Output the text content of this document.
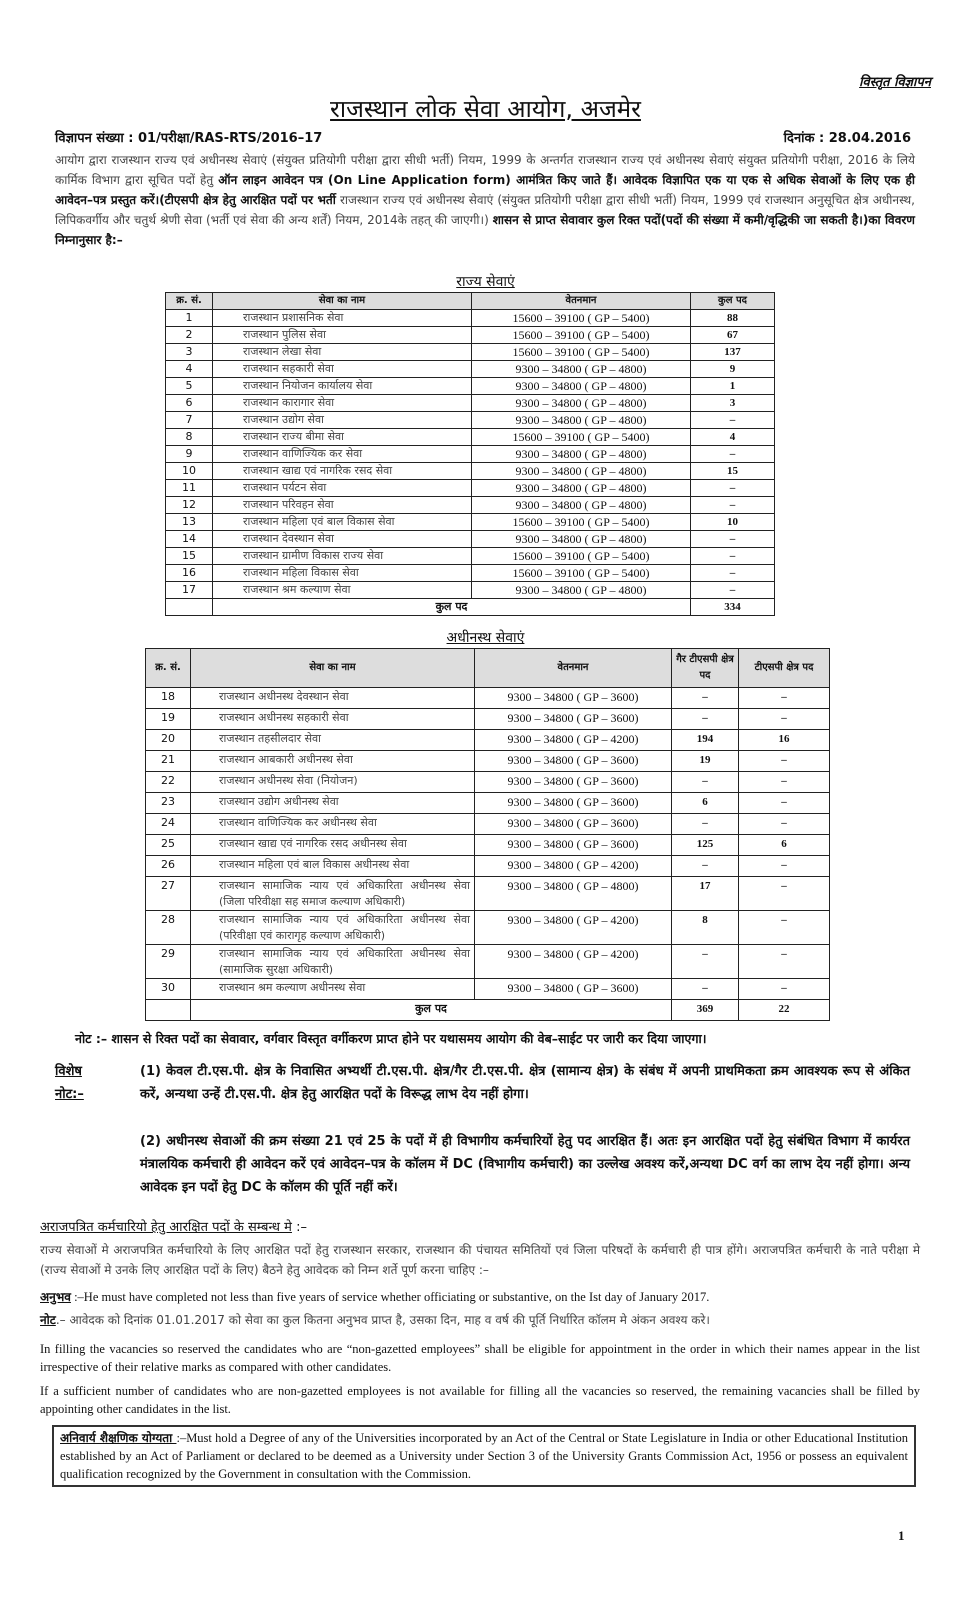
विस्तृत विज्ञापन
राजस्थान लोक सेवा आयोग, अजमेर
विज्ञापन संख्या : 01/परीक्षा/RAS-RTS/2016–17	दिनांक : 28.04.2016
आयोग द्वारा राजस्थान राज्य एवं अधीनस्थ सेवाएं (संयुक्त प्रतियोगी परीक्षा द्वारा सीधी भर्ती) नियम, 1999 के अन्तर्गत राजस्थान राज्य एवं अधीनस्थ सेवाएं संयुक्त प्रतियोगी परीक्षा, 2016 के लिये कार्मिक विभाग द्वारा सूचित पदों हेतु ऑन लाइन आवेदन पत्र (On Line Application form) आमंत्रित किए जाते हैं। आवेदक विज्ञापित एक या एक से अधिक सेवाओं के लिए एक ही आवेदन–पत्र प्रस्तुत करें।(टीएसपी क्षेत्र हेतु आरक्षित पदों पर भर्ती राजस्थान राज्य एवं अधीनस्थ सेवाएं (संयुक्त प्रतियोगी परीक्षा द्वारा सीधी भर्ती) नियम, 1999 एवं राजस्थान अनुसूचित क्षेत्र अधीनस्थ, लिपिकवर्गीय और चतुर्थ श्रेणी सेवा (भर्ती एवं सेवा की अन्य शर्तें) नियम, 2014के तहत् की जाएगी।) शासन से प्राप्त सेवावार कुल रिक्त पदों(पदों की संख्या में कमी/वृद्धिकी जा सकती है।)का विवरण निम्नानुसार है:–
राज्य सेवाएं
क्र. सं.	सेवा का नाम	वेतनमान	कुल पद
1	राजस्थान प्रशासनिक सेवा	15600 – 39100 ( GP – 5400)	88
2	राजस्थान पुलिस सेवा	15600 – 39100 ( GP – 5400)	67
3	राजस्थान लेखा सेवा	15600 – 39100 ( GP – 5400)	137
4	राजस्थान सहकारी सेवा	9300 – 34800 ( GP – 4800)	9
5	राजस्थान नियोजन कार्यालय सेवा	9300 – 34800 ( GP – 4800)	1
6	राजस्थान कारागार सेवा	9300 – 34800 ( GP – 4800)	3
7	राजस्थान उद्योग सेवा	9300 – 34800 ( GP – 4800)	–
8	राजस्थान राज्य बीमा सेवा	15600 – 39100 ( GP – 5400)	4
9	राजस्थान वाणिज्यिक कर सेवा	9300 – 34800 ( GP – 4800)	–
10	राजस्थान खाद्य एवं नागरिक रसद सेवा	9300 – 34800 ( GP – 4800)	15
11	राजस्थान पर्यटन सेवा	9300 – 34800 ( GP – 4800)	–
12	राजस्थान परिवहन सेवा	9300 – 34800 ( GP – 4800)	–
13	राजस्थान महिला एवं बाल विकास सेवा	15600 – 39100 ( GP – 5400)	10
14	राजस्थान देवस्थान सेवा	9300 – 34800 ( GP – 4800)	–
15	राजस्थान ग्रामीण विकास राज्य सेवा	15600 – 39100 ( GP – 5400)	–
16	राजस्थान महिला विकास सेवा	15600 – 39100 ( GP – 5400)	–
17	राजस्थान श्रम कल्याण सेवा	9300 – 34800 ( GP – 4800)	–
	कुल पद		334
अधीनस्थ सेवाएं
क्र. सं.	सेवा का नाम	वेतनमान	गैर टीएसपी क्षेत्र पद	टीएसपी क्षेत्र पद
18	राजस्थान अधीनस्थ देवस्थान सेवा	9300 – 34800 ( GP – 3600)	–	–
19	राजस्थान अधीनस्थ सहकारी सेवा	9300 – 34800 ( GP – 3600)	–	–
20	राजस्थान तहसीलदार सेवा	9300 – 34800 ( GP – 4200)	194	16
21	राजस्थान आबकारी अधीनस्थ सेवा	9300 – 34800 ( GP – 3600)	19	–
22	राजस्थान अधीनस्थ सेवा (नियोजन)	9300 – 34800 ( GP – 3600)	–	–
23	राजस्थान उद्योग अधीनस्थ सेवा	9300 – 34800 ( GP – 3600)	6	–
24	राजस्थान वाणिज्यिक कर अधीनस्थ सेवा	9300 – 34800 ( GP – 3600)	–	–
25	राजस्थान खाद्य एवं नागरिक रसद अधीनस्थ सेवा	9300 – 34800 ( GP – 3600)	125	6
26	राजस्थान महिला एवं बाल विकास अधीनस्थ सेवा	9300 – 34800 ( GP – 4200)	–	–
27	राजस्थान सामाजिक न्याय एवं अधिकारिता अधीनस्थ सेवा (जिला परिवीक्षा सह समाज कल्याण अधिकारी)	9300 – 34800 ( GP – 4800)	17	–
28	राजस्थान सामाजिक न्याय एवं अधिकारिता अधीनस्थ सेवा (परिवीक्षा एवं कारागृह कल्याण अधिकारी)	9300 – 34800 ( GP – 4200)	8	–
29	राजस्थान सामाजिक न्याय एवं अधिकारिता अधीनस्थ सेवा (सामाजिक सुरक्षा अधिकारी)	9300 – 34800 ( GP – 4200)	–	–
30	राजस्थान श्रम कल्याण अधीनस्थ सेवा	9300 – 34800 ( GP – 3600)	–	–
	कुल पद		369	22
नोट :– शासन से रिक्त पदों का सेवावार, वर्गवार विस्तृत वर्गीकरण प्राप्त होने पर यथासमय आयोग की वेब–साईट पर जारी कर दिया जाएगा।
विशेष नोट:–
(1) केवल टी.एस.पी. क्षेत्र के निवासित अभ्यर्थी टी.एस.पी. क्षेत्र/गैर टी.एस.पी. क्षेत्र (सामान्य क्षेत्र) के संबंध में अपनी प्राथमिकता क्रम आवश्यक रूप से अंकित करें, अन्यथा उन्हें टी.एस.पी. क्षेत्र हेतु आरक्षित पदों के विरूद्ध लाभ देय नहीं होगा।
(2) अधीनस्थ सेवाओं की क्रम संख्या 21 एवं 25 के पदों में ही विभागीय कर्मचारियों हेतु पद आरक्षित हैं। अतः इन आरक्षित पदों हेतु संबंधित विभाग में कार्यरत मंत्रालयिक कर्मचारी ही आवेदन करें एवं आवेदन–पत्र के कॉलम में DC (विभागीय कर्मचारी) का उल्लेख अवश्य करें,अन्यथा DC वर्ग का लाभ देय नहीं होगा। अन्य आवेदक इन पदों हेतु DC के कॉलम की पूर्ति नहीं करें।
अराजपत्रित कर्मचारियो हेतु आरक्षित पदों के सम्बन्ध मे :–
राज्य सेवाओं मे अराजपत्रित कर्मचारियो के लिए आरक्षित पदों हेतु राजस्थान सरकार, राजस्थान की पंचायत समितियों एवं जिला परिषदों के कर्मचारी ही पात्र होंगे। अराजपत्रित कर्मचारी के नाते परीक्षा मे (राज्य सेवाओं मे उनके लिए आरक्षित पदों के लिए) बैठने हेतु आवेदक को निम्न शर्ते पूर्ण करना चाहिए :–
अनुभव :–He must have completed not less than five years of service whether officiating or substantive, on the Ist day of January 2017.
नोट.– आवेदक को दिनांक 01.01.2017 को सेवा का कुल कितना अनुभव प्राप्त है, उसका दिन, माह व वर्ष की पूर्ति निर्धारित कॉलम मे अंकन अवश्य करे।
In filling the vacancies so reserved the candidates who are “non-gazetted employees” shall be eligible for appointment in the order in which their names appear in the list irrespective of their relative marks as compared with other candidates.
If a sufficient number of candidates who are non-gazetted employees is not available for filling all the vacancies so reserved, the remaining vacancies shall be filled by appointing other candidates in the list.
अनिवार्य शैक्षणिक योग्यता :–Must hold a Degree of any of the Universities incorporated by an Act of the Central or State Legislature in India or other Educational Institution established by an Act of Parliament or declared to be deemed as a University under Section 3 of the University Grants Commission Act, 1956 or possess an equivalent qualification recognized by the Government in consultation with the Commission.
1
